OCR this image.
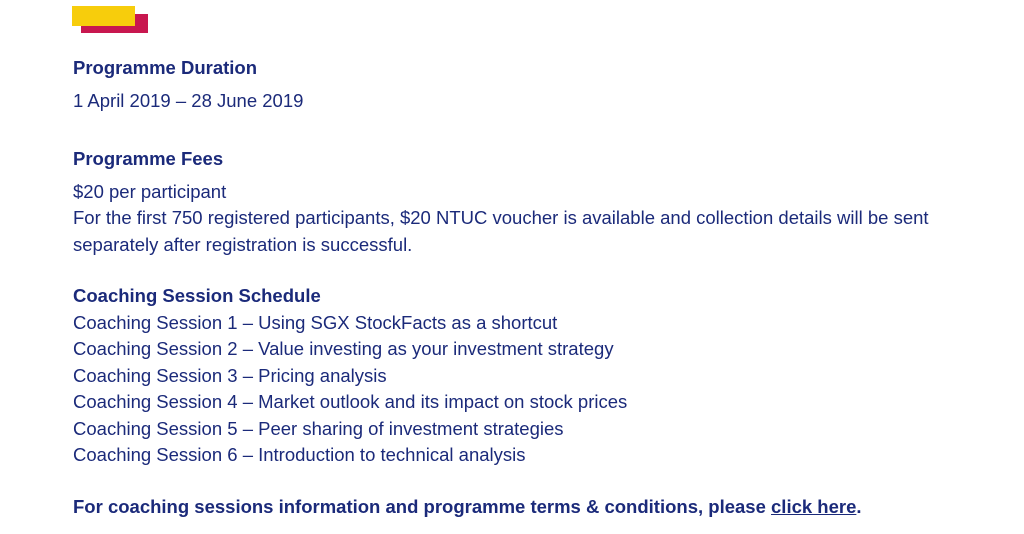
Programme Duration

1 April 2019 – 28 June 2019

Programme Fees

$20 per participant

For the first 750 registered participants, $20 NTUC voucher is available and collection details will be sent separately after registration is successful.

Coaching Session Schedule

Coaching Session 1 – Using SGX StockFacts as a shortcut

Coaching Session 2 – Value investing as your investment strategy

Coaching Session 3 – Pricing analysis

Coaching Session 4 – Market outlook and its impact on stock prices

Coaching Session 5 – Peer sharing of investment strategies

Coaching Session 6 – Introduction to technical analysis

For coaching sessions information and programme terms & conditions, please click here.
